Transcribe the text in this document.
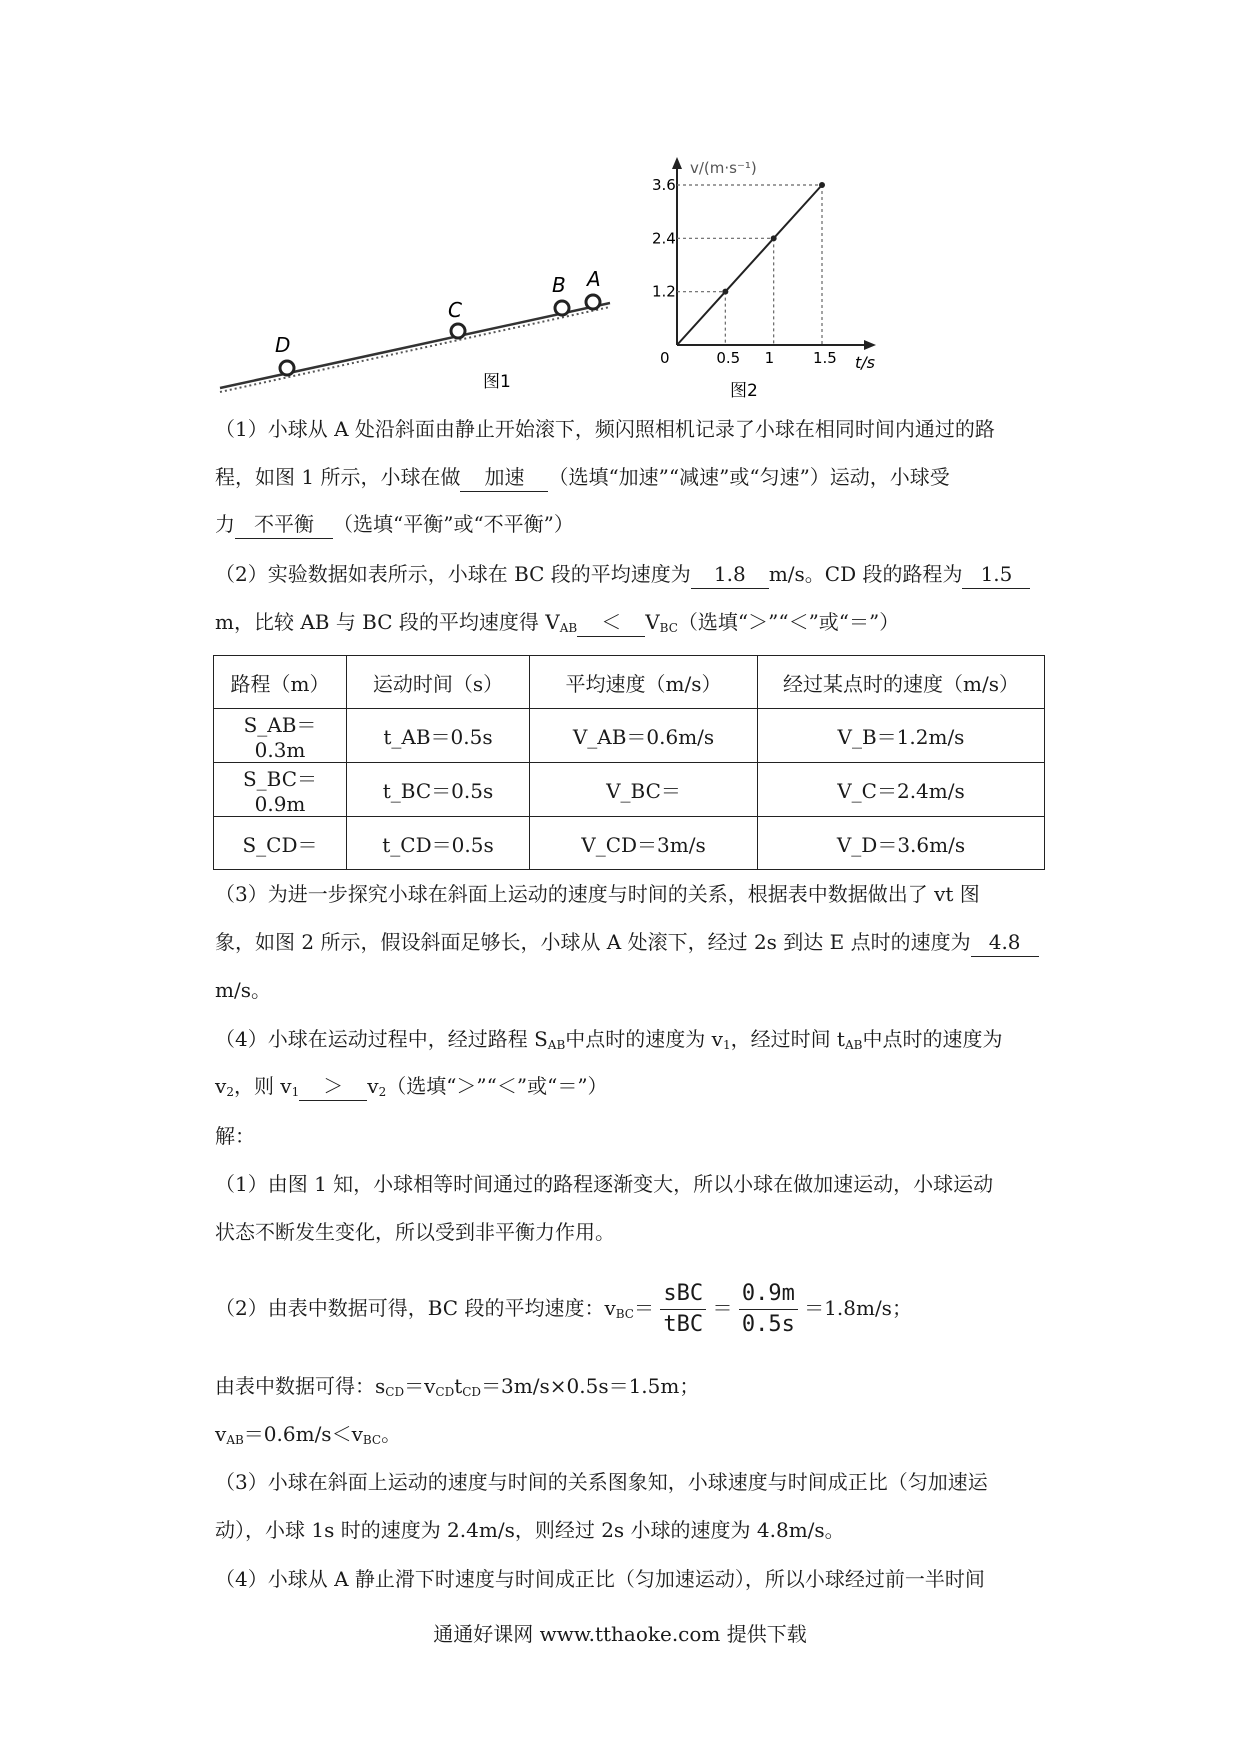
D
C
B A
图1
v/(m·s⁻¹)
t/s
0
1.2
2.4
3.6
0.5 1	1.5
图2
（1）小球从 A 处沿斜面由静止开始滚下，频闪照相机记录了小球在相同时间内通过的路
程，如图 1 所示，小球在做 加速 （选填“加速”“减速”或“匀速”）运动，小球受
力 不平衡 （选填“平衡”或“不平衡”）
（2）实验数据如表所示，小球在 BC 段的平均速度为 1.8 m/s。CD 段的路程为 1.5
m，比较 AB 与 BC 段的平均速度得 $V_{AB} < V_{BC}$（选填“＞”“＜”或“＝”）
路程（m）	运动时间（s）	平均速度（m/s）	经过某点时的速度（m/s）
S_AB＝0.3m	t_AB＝0.5s	V_AB＝0.6m/s	V_B＝1.2m/s
S_BC＝0.9m	t_BC＝0.5s	V_BC＝	V_C＝2.4m/s
S_CD＝	t_CD＝0.5s	V_CD＝3m/s	V_D＝3.6m/s
（3）为进一步探究小球在斜面上运动的速度与时间的关系，根据表中数据做出了 vt 图
象，如图 2 所示，假设斜面足够长，小球从 A 处滚下，经过 2s 到达 E 点时的速度为 4.8
m/s。
（4）小球在运动过程中，经过路程 $S_{AB}$中点时的速度为 $v_1$，经过时间 $t_{AB}$中点时的速度为
$v_2$，则 $v_1 > v_2$（选填“＞”“＜”或“＝”）
解：
（1）由图 1 知，小球相等时间通过的路程逐渐变大，所以小球在做加速运动，小球运动
状态不断发生变化，所以受到非平衡力作用。
（2）由表中数据可得，BC 段的平均速度：$v_{BC}= \frac{\text{sBC}}{\text{tBC}} = \frac{0.9m}{0.5s} =1.8m/s$；
由表中数据可得：$s_{CD}=v_{CD}t_{CD}=3m/s\times 0.5s=1.5m$；
$v_{AB}=0.6m/s<v_{BC}$。
（3）小球在斜面上运动的速度与时间的关系图象知，小球速度与时间成正比（匀加速运
动），小球 1s 时的速度为 2.4m/s，则经过 2s 小球的速度为 4.8m/s。
（4）小球从 A 静止滑下时速度与时间成正比（匀加速运动），所以小球经过前一半时间
通通好课网 www.tthaoke.com 提供下载
